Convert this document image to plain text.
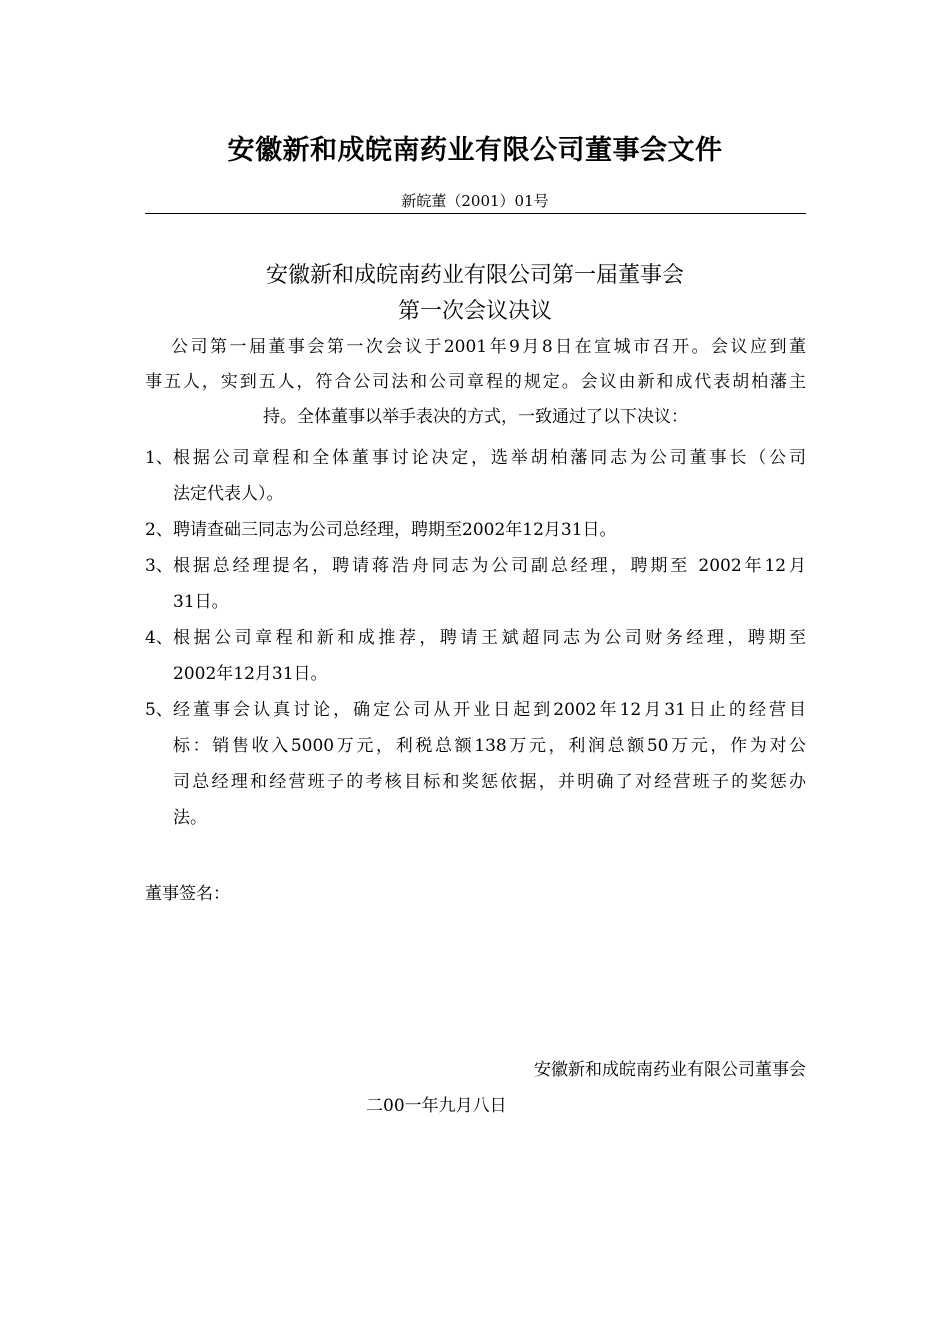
安徽新和成皖南药业有限公司董事会文件
新皖董（2001）01号
安徽新和成皖南药业有限公司第一届董事会
第一次会议决议
公司第一届董事会第一次会议于2001年9月8日在宣城市召开。会议应到董
事五人，实到五人，符合公司法和公司章程的规定。会议由新和成代表胡柏藩主
持。全体董事以举手表决的方式，一致通过了以下决议：
1、 根据公司章程和全体董事讨论决定，选举胡柏藩同志为公司董事长（公司
法定代表人）。
2、 聘请查础三同志为公司总经理，聘期至2002年12月31日。
3、 根据总经理提名，聘请蒋浩舟同志为公司副总经理，聘期至 2002年12月
31日。
4、 根据公司章程和新和成推荐，聘请王斌超同志为公司财务经理，聘期至
2002年12月31日。
5、 经董事会认真讨论，确定公司从开业日起到2002年12月31日止的经营目
标：销售收入5000万元，利税总额138万元，利润总额50万元，作为对公
司总经理和经营班子的考核目标和奖惩依据，并明确了对经营班子的奖惩办
法。
董事签名：
安徽新和成皖南药业有限公司董事会
二00一年九月八日
